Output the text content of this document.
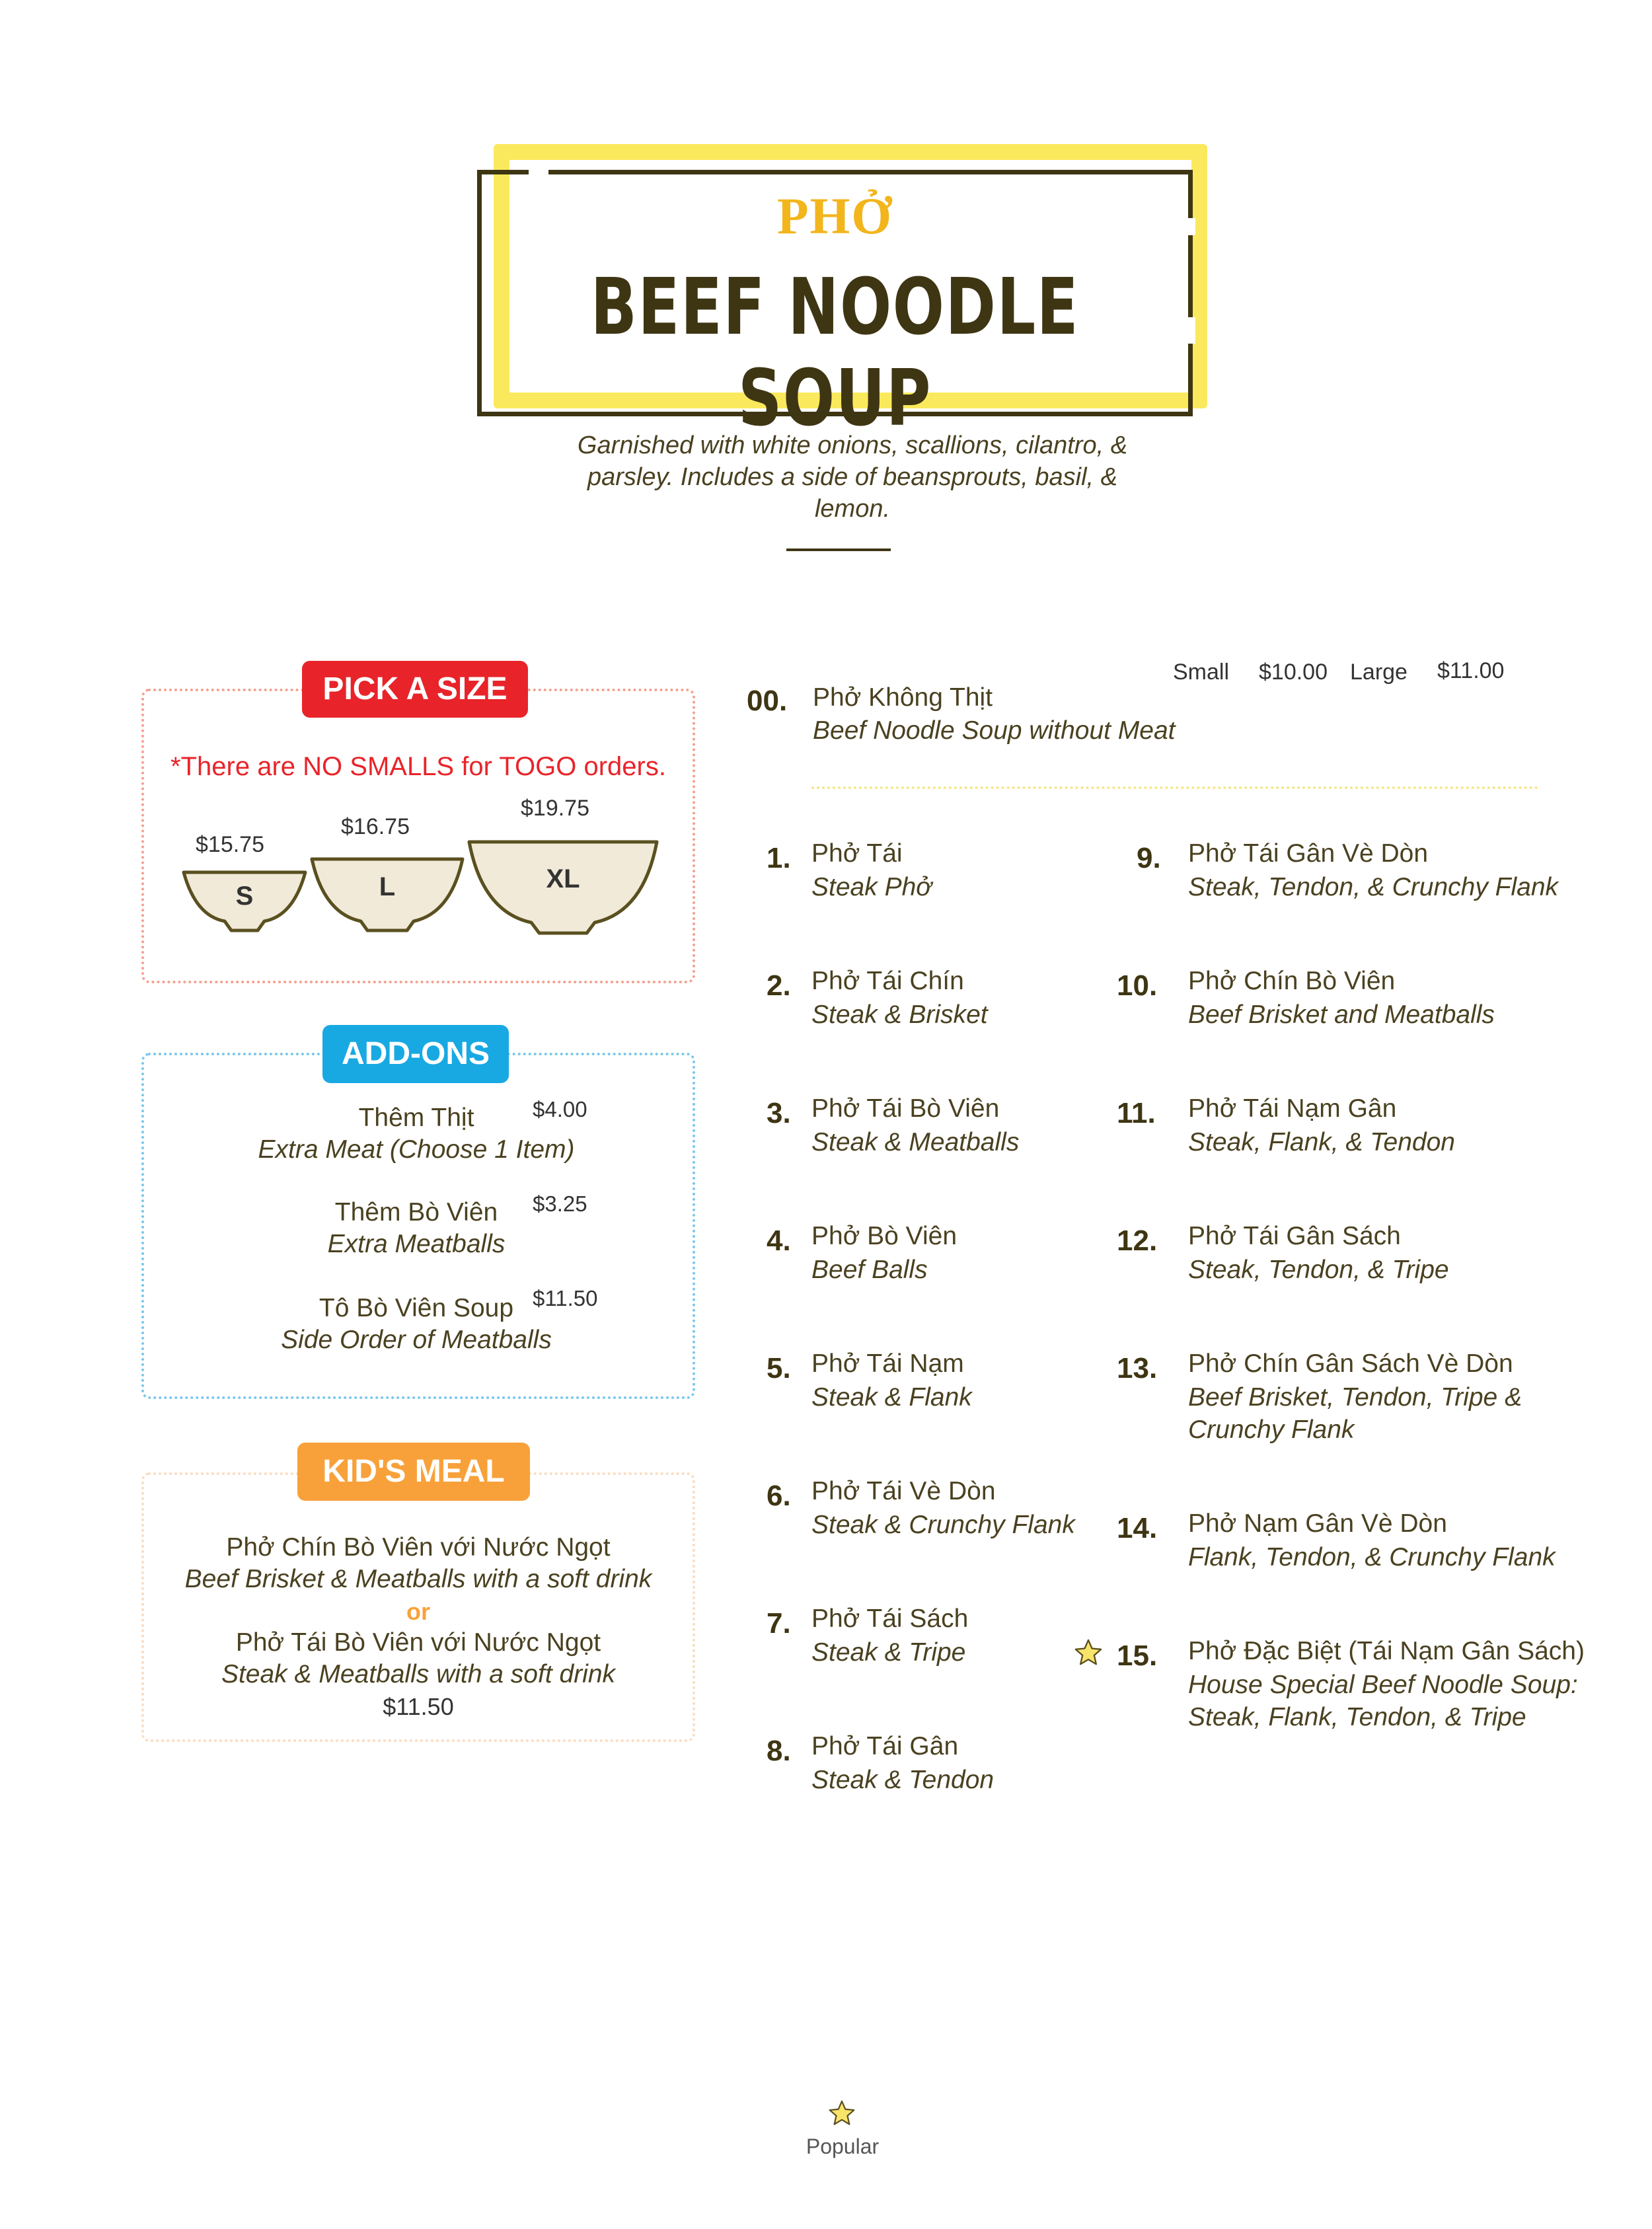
PHỞ
BEEF NOODLE SOUP
Garnished with white onions, scallions, cilantro, & parsley. Includes a side of beansprouts, basil, & lemon.
PICK A SIZE
*There are NO SMALLS for TOGO orders.
$15.75
$16.75
$19.75
S	L	XL
ADD-ONS
Thêm Thịt
Extra Meat (Choose 1 Item)
$4.00
Thêm Bò Viên
Extra Meatballs
$3.25
Tô Bò Viên Soup
Side Order of Meatballs
$11.50
KID'S MEAL
Phở Chín Bò Viên với Nước Ngọt
Beef Brisket & Meatballs with a soft drink
or
Phở Tái Bò Viên với Nước Ngọt
Steak & Meatballs with a soft drink
$11.50
Small $10.00 Large $11.00
00. Phở Không Thịt
Beef Noodle Soup without Meat
1. Phở Tái
Steak Phở
2. Phở Tái Chín
Steak & Brisket
3. Phở Tái Bò Viên
Steak & Meatballs
4. Phở Bò Viên
Beef Balls
5. Phở Tái Nạm
Steak & Flank
6. Phở Tái Vè Dòn
Steak & Crunchy Flank
7. Phở Tái Sách
Steak & Tripe
8. Phở Tái Gân
Steak & Tendon
9. Phở Tái Gân Vè Dòn
Steak, Tendon, & Crunchy Flank
10. Phở Chín Bò Viên
Beef Brisket and Meatballs
11. Phở Tái Nạm Gân
Steak, Flank, & Tendon
12. Phở Tái Gân Sách
Steak, Tendon, & Tripe
13. Phở Chín Gân Sách Vè Dòn
Beef Brisket, Tendon, Tripe &
Crunchy Flank
14. Phở Nạm Gân Vè Dòn
Flank, Tendon, & Crunchy Flank
15. Phở Đặc Biệt (Tái Nạm Gân Sách)
House Special Beef Noodle Soup:
Steak, Flank, Tendon, & Tripe
Popular
